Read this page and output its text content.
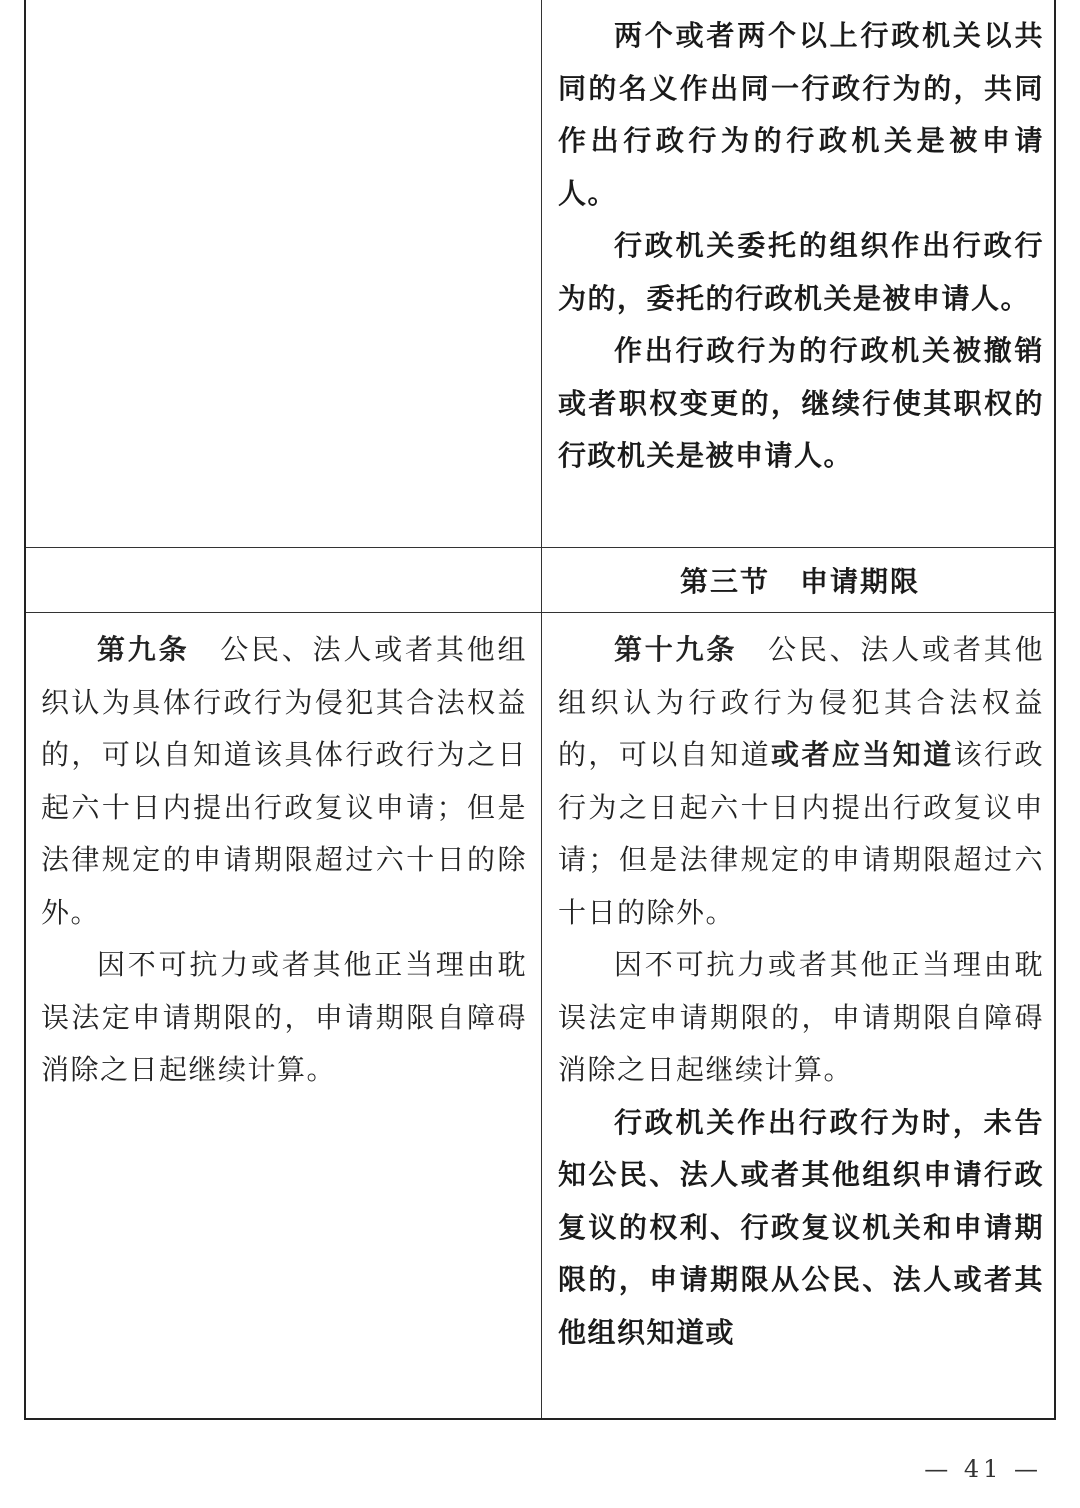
两个或者两个以上行政机关以共同的名义作出同一行政行为的，共同作出行政行为的行政机关是被申请人。

行政机关委托的组织作出行政行为的，委托的行政机关是被申请人。

作出行政行为的行政机关被撤销或者职权变更的，继续行使其职权的行政机关是被申请人。

第三节　申请期限

第九条　 公民、法人或者其他组织认为具体行政行为侵犯其合法权益的，可以自知道该具体行政行为之日起六十日内提出行政复议申请；但是法律规定的申请期限超过六十日的除外。

因不可抗力或者其他正当理由耽误法定申请期限的，申请期限自障碍消除之日起继续计算。

第十九条　 公民、法人或者其他组织认为行政行为侵犯其合法权益的，可以自知道或者应当知道该行政行为之日起六十日内提出行政复议申请；但是法律规定的申请期限超过六十日的除外。

因不可抗力或者其他正当理由耽误法定申请期限的，申请期限自障碍消除之日起继续计算。

行政机关作出行政行为时，未告知公民、法人或者其他组织申请行政复议的权利、行政复议机关和申请期限的，申请期限从公民、法人或者其他组织知道或

— 41 —
